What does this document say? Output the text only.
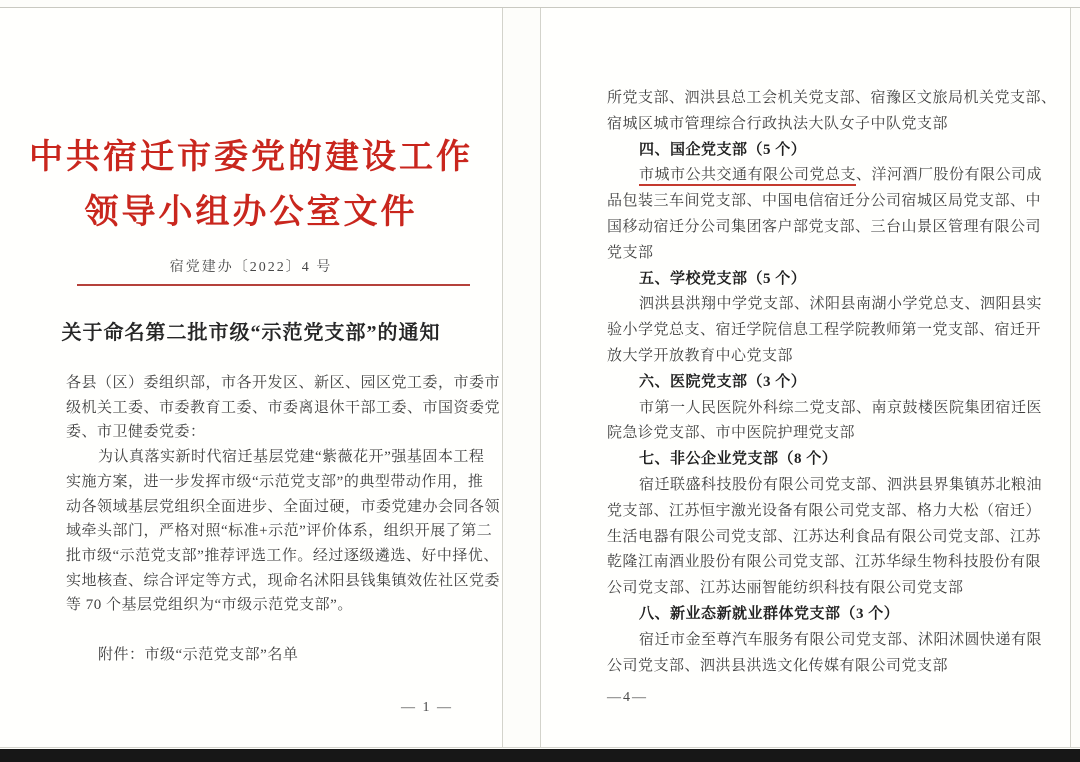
中共宿迁市委党的建设工作
领导小组办公室文件
宿党建办〔2022〕4 号
关于命名第二批市级“示范党支部”的通知
各县（区）委组织部，市各开发区、新区、园区党工委，市委市
级机关工委、市委教育工委、市委离退休干部工委、市国资委党
委、市卫健委党委：
为认真落实新时代宿迁基层党建“紫薇花开”强基固本工程
实施方案，进一步发挥市级“示范党支部”的典型带动作用，推
动各领域基层党组织全面进步、全面过硬，市委党建办会同各领
域牵头部门，严格对照“标准+示范”评价体系，组织开展了第二
批市级“示范党支部”推荐评选工作。经过逐级遴选、好中择优、
实地核查、综合评定等方式，现命名沭阳县钱集镇效佐社区党委
等 70 个基层党组织为“市级示范党支部”。
附件：市级“示范党支部”名单
— 1 —
所党支部、泗洪县总工会机关党支部、宿豫区文旅局机关党支部、
宿城区城市管理综合行政执法大队女子中队党支部
四、国企党支部（5 个）
市城市公共交通有限公司党总支、洋河酒厂股份有限公司成
品包装三车间党支部、中国电信宿迁分公司宿城区局党支部、中
国移动宿迁分公司集团客户部党支部、三台山景区管理有限公司
党支部
五、学校党支部（5 个）
泗洪县洪翔中学党支部、沭阳县南湖小学党总支、泗阳县实
验小学党总支、宿迁学院信息工程学院教师第一党支部、宿迁开
放大学开放教育中心党支部
六、医院党支部（3 个）
市第一人民医院外科综二党支部、南京鼓楼医院集团宿迁医
院急诊党支部、市中医院护理党支部
七、非公企业党支部（8 个）
宿迁联盛科技股份有限公司党支部、泗洪县界集镇苏北粮油
党支部、江苏恒宇激光设备有限公司党支部、格力大松（宿迁）
生活电器有限公司党支部、江苏达利食品有限公司党支部、江苏
乾隆江南酒业股份有限公司党支部、江苏华绿生物科技股份有限
公司党支部、江苏达丽智能纺织科技有限公司党支部
八、新业态新就业群体党支部（3 个）
宿迁市金至尊汽车服务有限公司党支部、沭阳沭圆快递有限
公司党支部、泗洪县洪选文化传媒有限公司党支部
—4—
